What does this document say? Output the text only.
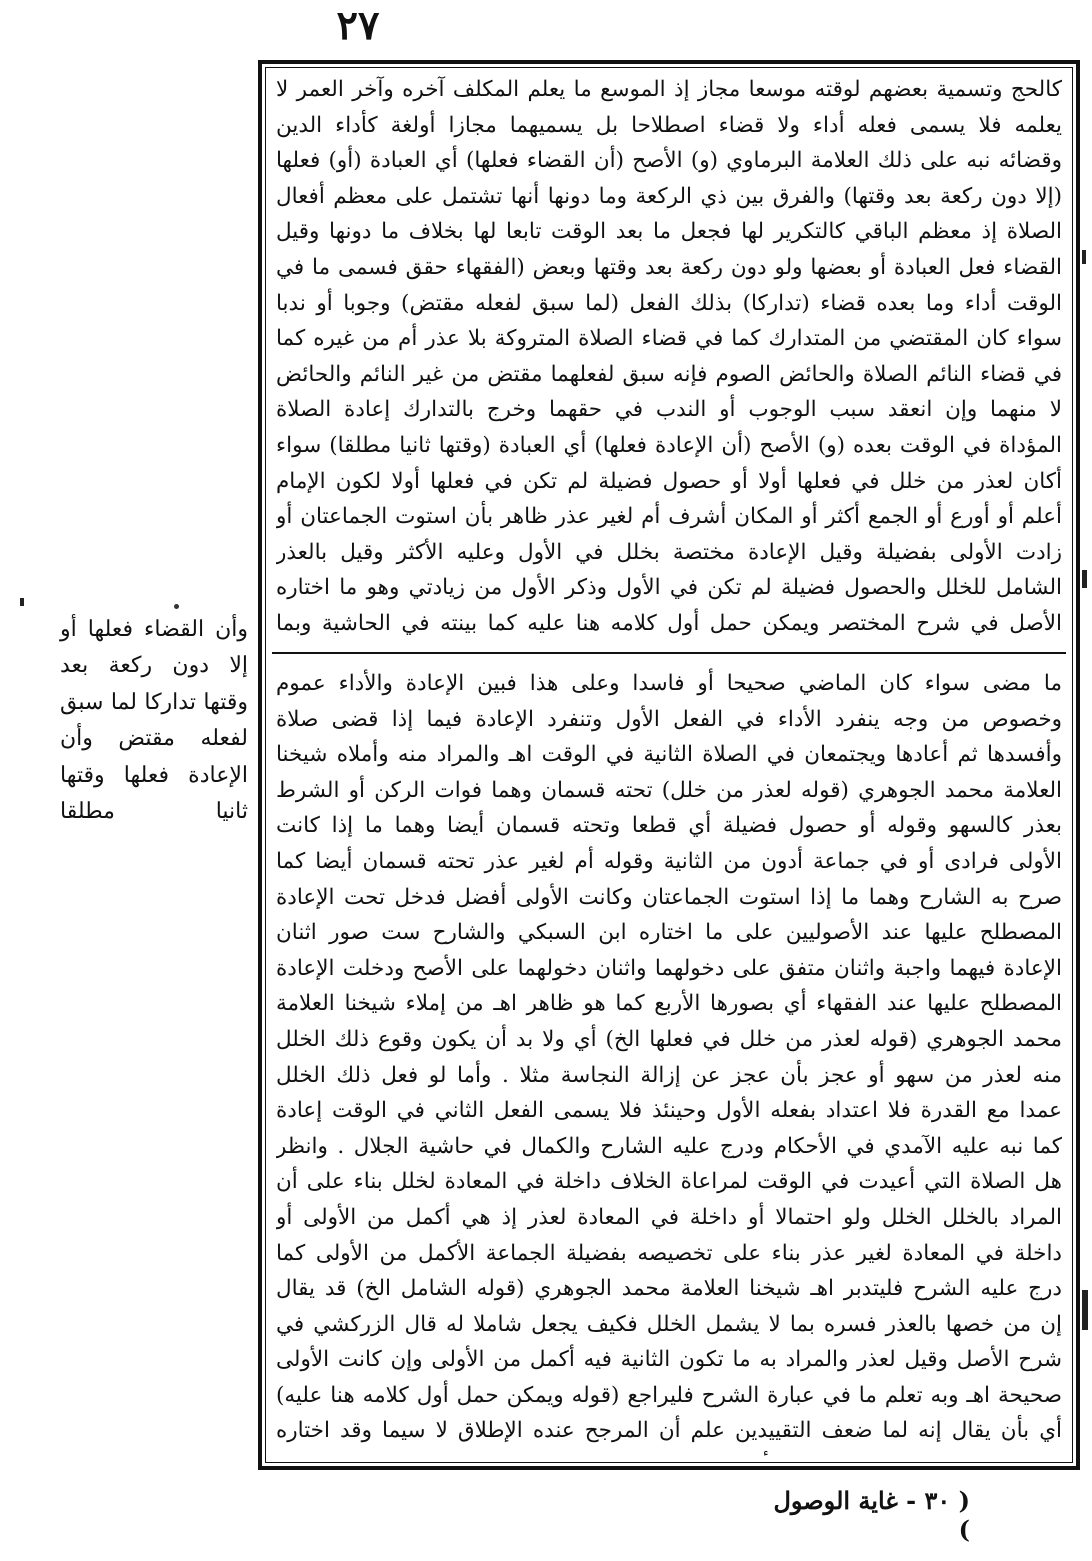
٢٧
وأن القضاء فعلها أو إلا دون ركعة بعد وقتها تداركا لما سبق لفعله مقتض وأن الإعادة فعلها وقتها ثانيا مطلقا

كالحج وتسمية بعضهم لوقته موسعا مجاز إذ الموسع ما يعلم المكلف آخره وآخر العمر لا يعلمه فلا يسمى فعله أداء ولا قضاء اصطلاحا بل يسميهما مجازا أولغة كأداء الدين وقضائه نبه على ذلك العلامة البرماوي (و) الأصح (أن القضاء فعلها) أي العبادة (أو) فعلها (إلا دون ركعة بعد وقتها) والفرق بين ذي الركعة وما دونها أنها تشتمل على معظم أفعال الصلاة إذ معظم الباقي كالتكرير لها فجعل ما بعد الوقت تابعا لها بخلاف ما دونها وقيل القضاء فعل العبادة أو بعضها ولو دون ركعة بعد وقتها وبعض (الفقهاء حقق فسمى ما في الوقت أداء وما بعده قضاء (تداركا) بذلك الفعل (لما سبق لفعله مقتض) وجوبا أو ندبا سواء كان المقتضي من المتدارك كما في قضاء الصلاة المتروكة بلا عذر أم من غيره كما في قضاء النائم الصلاة والحائض الصوم فإنه سبق لفعلهما مقتض من غير النائم والحائض لا منهما وإن انعقد سبب الوجوب أو الندب في حقهما وخرج بالتدارك إعادة الصلاة المؤداة في الوقت بعده (و) الأصح (أن الإعادة فعلها) أي العبادة (وقتها ثانيا مطلقا) سواء أكان لعذر من خلل في فعلها أولا أو حصول فضيلة لم تكن في فعلها أولا لكون الإمام أعلم أو أورع أو الجمع أكثر أو المكان أشرف أم لغير عذر ظاهر بأن استوت الجماعتان أو زادت الأولى بفضيلة وقيل الإعادة مختصة بخلل في الأول وعليه الأكثر وقيل بالعذر الشامل للخلل والحصول فضيلة لم تكن في الأول وذكر الأول من زيادتي وهو ما اختاره الأصل في شرح المختصر ويمكن حمل أول كلامه هنا عليه كما بينته في الحاشية وبما

ما مضى سواء كان الماضي صحيحا أو فاسدا وعلى هذا فبين الإعادة والأداء عموم وخصوص من وجه ينفرد الأداء في الفعل الأول وتنفرد الإعادة فيما إذا قضى صلاة وأفسدها ثم أعادها ويجتمعان في الصلاة الثانية في الوقت اهـ والمراد منه وأملاه شيخنا العلامة محمد الجوهري (قوله لعذر من خلل) تحته قسمان وهما فوات الركن أو الشرط بعذر كالسهو وقوله أو حصول فضيلة أي قطعا وتحته قسمان أيضا وهما ما إذا كانت الأولى فرادى أو في جماعة أدون من الثانية وقوله أم لغير عذر تحته قسمان أيضا كما صرح به الشارح وهما ما إذا استوت الجماعتان وكانت الأولى أفضل فدخل تحت الإعادة المصطلح عليها عند الأصوليين على ما اختاره ابن السبكي والشارح ست صور اثنان الإعادة فيهما واجبة واثنان متفق على دخولهما واثنان دخولهما على الأصح ودخلت الإعادة المصطلح عليها عند الفقهاء أي بصورها الأربع كما هو ظاهر اهـ من إملاء شيخنا العلامة محمد الجوهري (قوله لعذر من خلل في فعلها الخ) أي ولا بد أن يكون وقوع ذلك الخلل منه لعذر من سهو أو عجز بأن عجز عن إزالة النجاسة مثلا . وأما لو فعل ذلك الخلل عمدا مع القدرة فلا اعتداد بفعله الأول وحينئذ فلا يسمى الفعل الثاني في الوقت إعادة كما نبه عليه الآمدي في الأحكام ودرج عليه الشارح والكمال في حاشية الجلال . وانظر هل الصلاة التي أعيدت في الوقت لمراعاة الخلاف داخلة في المعادة لخلل بناء على أن المراد بالخلل الخلل ولو احتمالا أو داخلة في المعادة لعذر إذ هي أكمل من الأولى أو داخلة في المعادة لغير عذر بناء على تخصيصه بفضيلة الجماعة الأكمل من الأولى كما درج عليه الشرح فليتدبر اهـ شيخنا العلامة محمد الجوهري (قوله الشامل الخ) قد يقال إن من خصها بالعذر فسره بما لا يشمل الخلل فكيف يجعل شاملا له قال الزركشي في شرح الأصل وقيل لعذر والمراد به ما تكون الثانية فيه أكمل من الأولى وإن كانت الأولى صحيحة اهـ وبه تعلم ما في عبارة الشرح فليراجع (قوله ويمكن حمل أول كلامه هنا عليه) أي بأن يقال إنه لما ضعف التقييدين علم أن المرجح عنده الإطلاق لا سيما وقد اختاره

( ٣٠ - غاية الوصول )
